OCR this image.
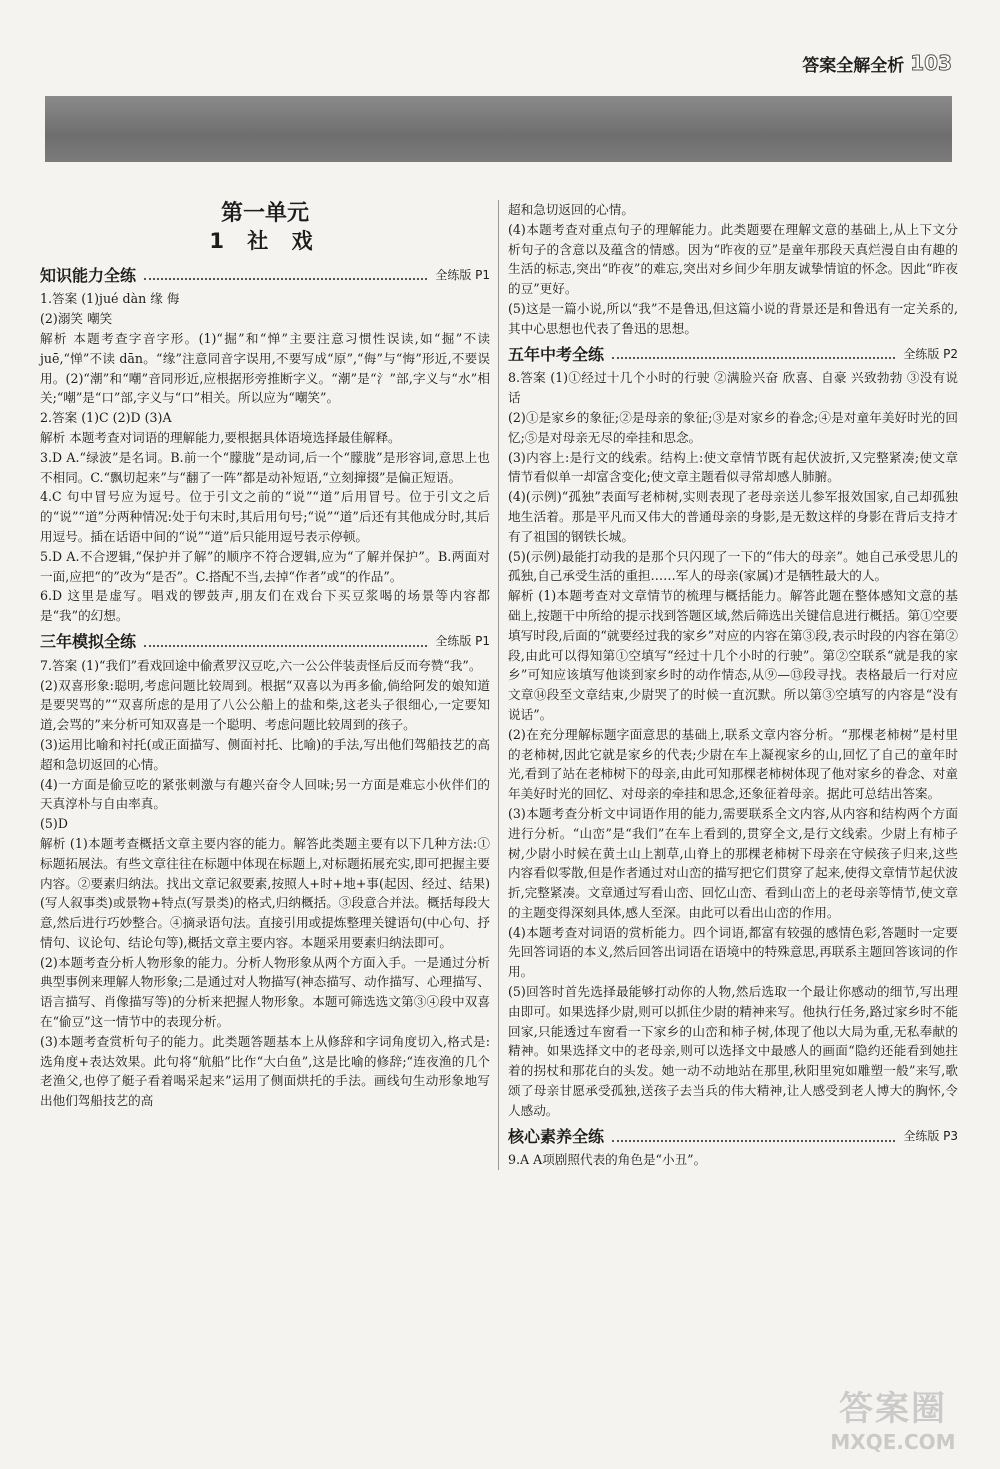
答案全解全析 103
第一单元
1 社 戏
知识能力全练	全练版 P1

1.答案 (1)jué dàn 缘 侮

(2)溺笑 嘲笑

解析 本题考查字音字形。(1)“掘”和“惮”主要注意习惯性误读,如“掘”不读 juē,“惮”不读 dān。“缘”注意同音字误用,不要写成“原”,“侮”与“悔”形近,不要误用。(2)“潮”和“嘲”音同形近,应根据形旁推断字义。“潮”是“氵”部,字义与“水”相关;“嘲”是“口”部,字义与“口”相关。所以应为“嘲笑”。

2.答案 (1)C (2)D (3)A

解析 本题考查对词语的理解能力,要根据具体语境选择最佳解释。

3.D A.“绿波”是名词。B.前一个“朦胧”是动词,后一个“朦胧”是形容词,意思上也不相同。C.“飘切起来”与“翻了一阵”都是动补短语,“立刻撺掇”是偏正短语。

4.C 句中冒号应为逗号。位于引文之前的“说”“道”后用冒号。位于引文之后的“说”“道”分两种情况:处于句末时,其后用句号;“说”“道”后还有其他成分时,其后用逗号。插在话语中间的“说”“道”后只能用逗号表示停顿。

5.D A.不合逻辑,“保护并了解”的顺序不符合逻辑,应为“了解并保护”。B.两面对一面,应把“的”改为“是否”。C.搭配不当,去掉“作者”或“的作品”。

6.D 这里是虚写。唱戏的锣鼓声,朋友们在戏台下买豆浆喝的场景等内容都是“我”的幻想。

三年模拟全练	全练版 P1

7.答案 (1)“我们”看戏回途中偷煮罗汉豆吃,六一公公伴装责怪后反而夸赞“我”。

(2)双喜形象:聪明,考虑问题比较周到。根据“双喜以为再多偷,倘给阿发的娘知道是要哭骂的”“双喜所虑的是用了八公公船上的盐和柴,这老头子很细心,一定要知道,会骂的”来分析可知双喜是一个聪明、考虑问题比较周到的孩子。

(3)运用比喻和衬托(或正面描写、侧面衬托、比喻)的手法,写出他们驾船技艺的高超和急切返回的心情。

(4)一方面是偷豆吃的紧张刺激与有趣兴奋令人回味;另一方面是难忘小伙伴们的天真淳朴与自由率真。

(5)D

解析 (1)本题考查概括文章主要内容的能力。解答此类题主要有以下几种方法:①标题拓展法。有些文章往往在标题中体现在标题上,对标题拓展充实,即可把握主要内容。②要素归纳法。找出文章记叙要素,按照人+时+地+事(起因、经过、结果)(写人叙事类)或景物+特点(写景类)的格式,归纳概括。③段意合并法。概括每段大意,然后进行巧妙整合。④摘录语句法。直接引用或提炼整理关键语句(中心句、抒情句、议论句、结论句等),概括文章主要内容。本题采用要素归纳法即可。

(2)本题考查分析人物形象的能力。分析人物形象从两个方面入手。一是通过分析典型事例来理解人物形象;二是通过对人物描写(神态描写、动作描写、心理描写、语言描写、肖像描写等)的分析来把握人物形象。本题可筛选选文第③④段中双喜在“偷豆”这一情节中的表现分析。

(3)本题考查赏析句子的能力。此类题答题基本上从修辞和字词角度切入,格式是:选角度+表达效果。此句将“航船”比作“大白鱼”,这是比喻的修辞;“连夜渔的几个老渔父,也停了艇子看着喝采起来”运用了侧面烘托的手法。画线句生动形象地写出他们驾船技艺的高

超和急切返回的心情。

(4)本题考查对重点句子的理解能力。此类题要在理解文意的基础上,从上下文分析句子的含意以及蕴含的情感。因为“昨夜的豆”是童年那段天真烂漫自由有趣的生活的标志,突出“昨夜”的难忘,突出对乡间少年朋友诚挚情谊的怀念。因此“昨夜的豆”更好。

(5)这是一篇小说,所以“我”不是鲁迅,但这篇小说的背景还是和鲁迅有一定关系的,其中心思想也代表了鲁迅的思想。

五年中考全练	全练版 P2

8.答案 (1)①经过十几个小时的行驶 ②满脸兴奋 欣喜、自豪 兴致勃勃 ③没有说话

(2)①是家乡的象征;②是母亲的象征;③是对家乡的眷念;④是对童年美好时光的回忆;⑤是对母亲无尽的牵挂和思念。

(3)内容上:是行文的线索。结构上:使文章情节既有起伏波折,又完整紧凑;使文章情节看似单一却富含变化;使文章主题看似寻常却感人肺腑。

(4)(示例)“孤独”表面写老柿树,实则表现了老母亲送儿参军报效国家,自己却孤独地生活着。那是平凡而又伟大的普通母亲的身影,是无数这样的身影在背后支持才有了祖国的钢铁长城。

(5)(示例)最能打动我的是那个只闪现了一下的“伟大的母亲”。她自己承受思儿的孤独,自己承受生活的重担……军人的母亲(家属)才是牺牲最大的人。

解析 (1)本题考查对文章情节的梳理与概括能力。解答此题在整体感知文意的基础上,按题干中所给的提示找到答题区域,然后筛选出关键信息进行概括。第①空要填写时段,后面的“就要经过我的家乡”对应的内容在第③段,表示时段的内容在第②段,由此可以得知第①空填写“经过十几个小时的行驶”。第②空联系“就是我的家乡”可知应该填写他谈到家乡时的动作情态,从⑨—⑬段寻找。表格最后一行对应文章⑭段至文章结束,少尉哭了的时候一直沉默。所以第③空填写的内容是“没有说话”。

(2)在充分理解标题字面意思的基础上,联系文章内容分析。“那棵老柿树”是村里的老柿树,因此它就是家乡的代表;少尉在车上凝视家乡的山,回忆了自己的童年时光,看到了站在老柿树下的母亲,由此可知那棵老柿树体现了他对家乡的眷念、对童年美好时光的回忆、对母亲的牵挂和思念,还象征着母亲。据此可总结出答案。

(3)本题考查分析文中词语作用的能力,需要联系全文内容,从内容和结构两个方面进行分析。“山峦”是“我们”在车上看到的,贯穿全文,是行文线索。少尉上有柿子树,少尉小时候在黄土山上割草,山脊上的那棵老柿树下母亲在守候孩子归来,这些内容看似零散,但是作者通过对山峦的描写把它们贯穿了起来,使得文章情节起伏波折,完整紧凑。文章通过写看山峦、回忆山峦、看到山峦上的老母亲等情节,使文章的主题变得深刻具体,感人至深。由此可以看出山峦的作用。

(4)本题考查对词语的赏析能力。四个词语,都富有较强的感情色彩,答题时一定要先回答词语的本义,然后回答出词语在语境中的特殊意思,再联系主题回答该词的作用。

(5)回答时首先选择最能够打动你的人物,然后选取一个最让你感动的细节,写出理由即可。如果选择少尉,则可以抓住少尉的精神来写。他执行任务,路过家乡时不能回家,只能透过车窗看一下家乡的山峦和柿子树,体现了他以大局为重,无私奉献的精神。如果选择文中的老母亲,则可以选择文中最感人的画面“隐约还能看到她拄着的拐杖和那花白的头发。她一动不动地站在那里,秋阳里宛如雕塑一般”来写,歌颂了母亲甘愿承受孤独,送孩子去当兵的伟大精神,让人感受到老人博大的胸怀,令人感动。

核心素养全练	全练版 P3

9.A A项剧照代表的角色是“小丑”。

答案圈
MXQE.COM
